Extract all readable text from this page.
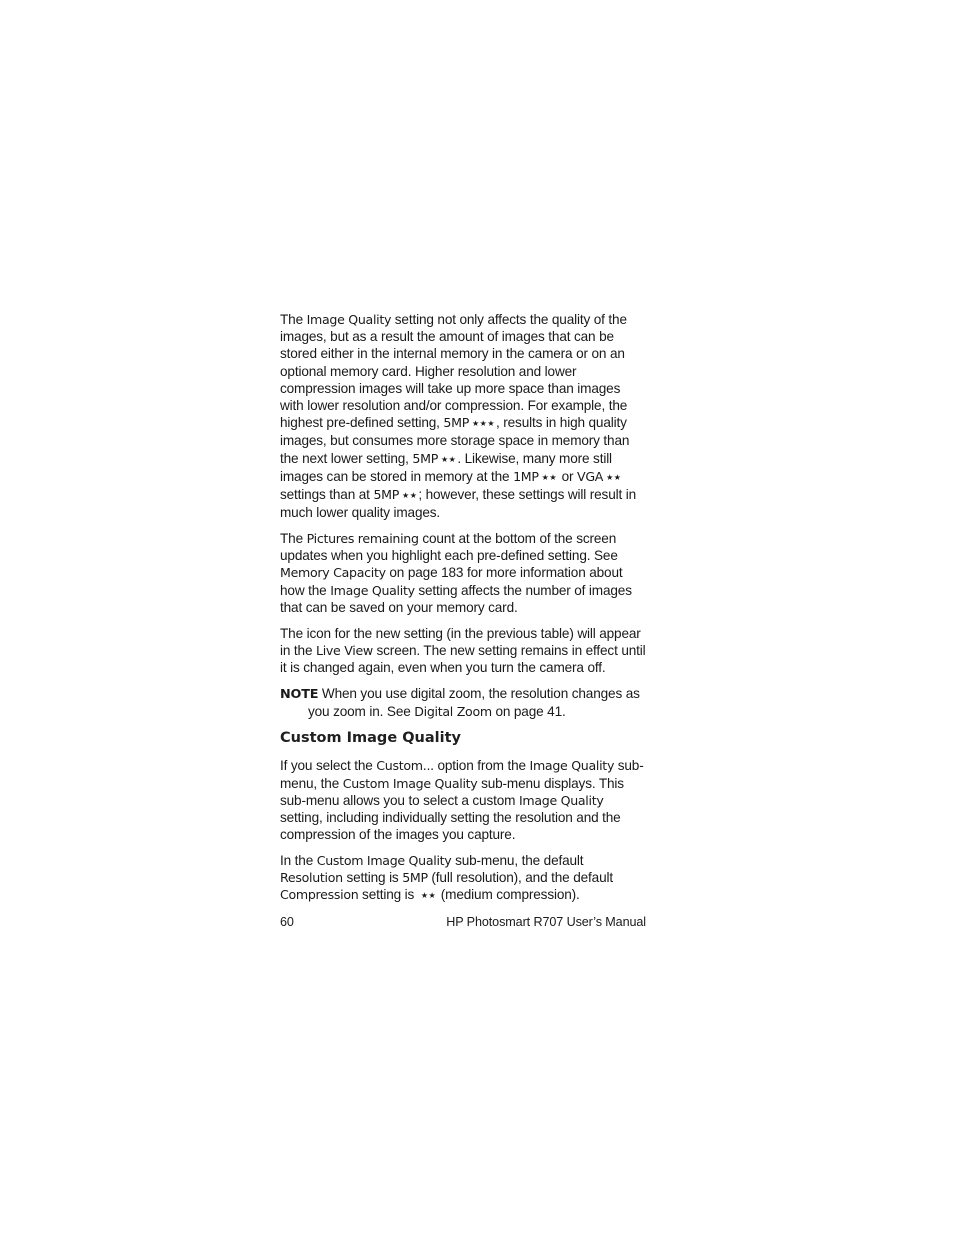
The Image Quality setting not only affects the quality of the images, but as a result the amount of images that can be stored either in the internal memory in the camera or on an optional memory card. Higher resolution and lower compression images will take up more space than images with lower resolution and/or compression. For example, the highest pre-defined setting, 5MP ★★★, results in high quality images, but consumes more storage space in memory than the next lower setting, 5MP ★★. Likewise, many more still images can be stored in memory at the 1MP ★★ or VGA ★★ settings than at 5MP ★★; however, these settings will result in much lower quality images.

The Pictures remaining count at the bottom of the screen updates when you highlight each pre-defined setting. See Memory Capacity on page 183 for more information about how the Image Quality setting affects the number of images that can be saved on your memory card.

The icon for the new setting (in the previous table) will appear in the Live View screen. The new setting remains in effect until it is changed again, even when you turn the camera off.

NOTE When you use digital zoom, the resolution changes as you zoom in. See Digital Zoom on page 41.

Custom Image Quality

If you select the Custom... option from the Image Quality sub-menu, the Custom Image Quality sub-menu displays. This sub-menu allows you to select a custom Image Quality setting, including individually setting the resolution and the compression of the images you capture.

In the Custom Image Quality sub-menu, the default Resolution setting is 5MP (full resolution), and the default Compression setting is ★★ (medium compression).

60	HP Photosmart R707 User’s Manual
